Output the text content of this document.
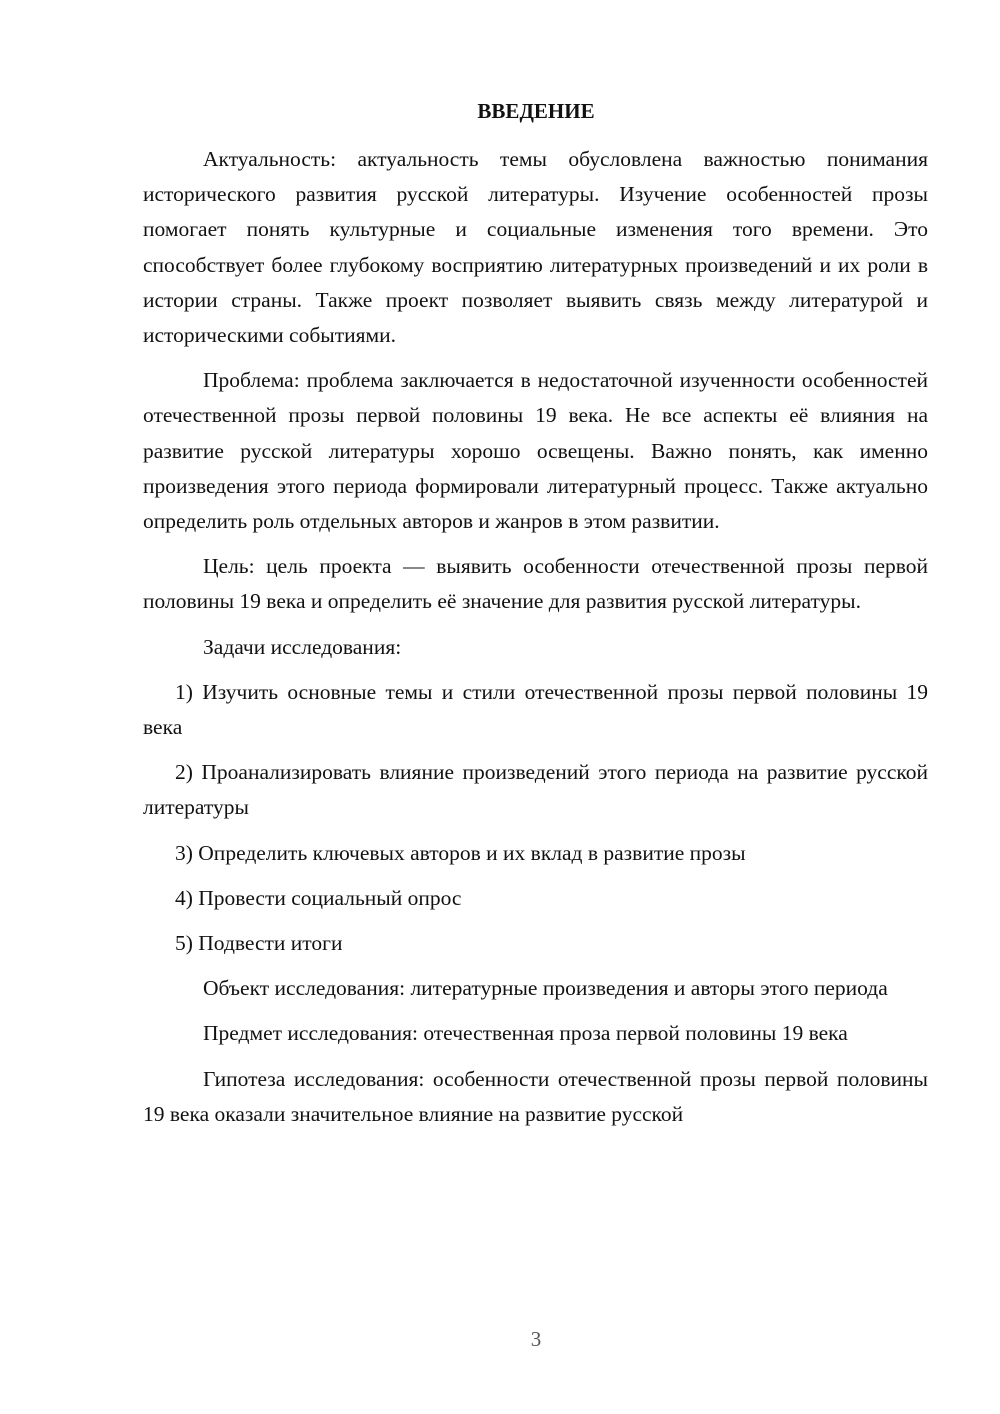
ВВЕДЕНИЕ

Актуальность: актуальность темы обусловлена важностью понимания исторического развития русской литературы. Изучение особенностей прозы помогает понять культурные и социальные изменения того времени. Это способствует более глубокому восприятию литературных произведений и их роли в истории страны. Также проект позволяет выявить связь между литературой и историческими событиями.

Проблема: проблема заключается в недостаточной изученности особенностей отечественной прозы первой половины 19 века. Не все аспекты её влияния на развитие русской литературы хорошо освещены. Важно понять, как именно произведения этого периода формировали литературный процесс. Также актуально определить роль отдельных авторов и жанров в этом развитии.

Цель: цель проекта — выявить особенности отечественной прозы первой половины 19 века и определить её значение для развития русской литературы.

Задачи исследования:

1) Изучить основные темы и стили отечественной прозы первой половины 19 века

2) Проанализировать влияние произведений этого периода на развитие русской литературы

3) Определить ключевых авторов и их вклад в развитие прозы

4) Провести социальный опрос

5) Подвести итоги

Объект исследования: литературные произведения и авторы этого периода

Предмет исследования: отечественная проза первой половины 19 века

Гипотеза исследования: особенности отечественной прозы первой половины 19 века оказали значительное влияние на развитие русской

3
